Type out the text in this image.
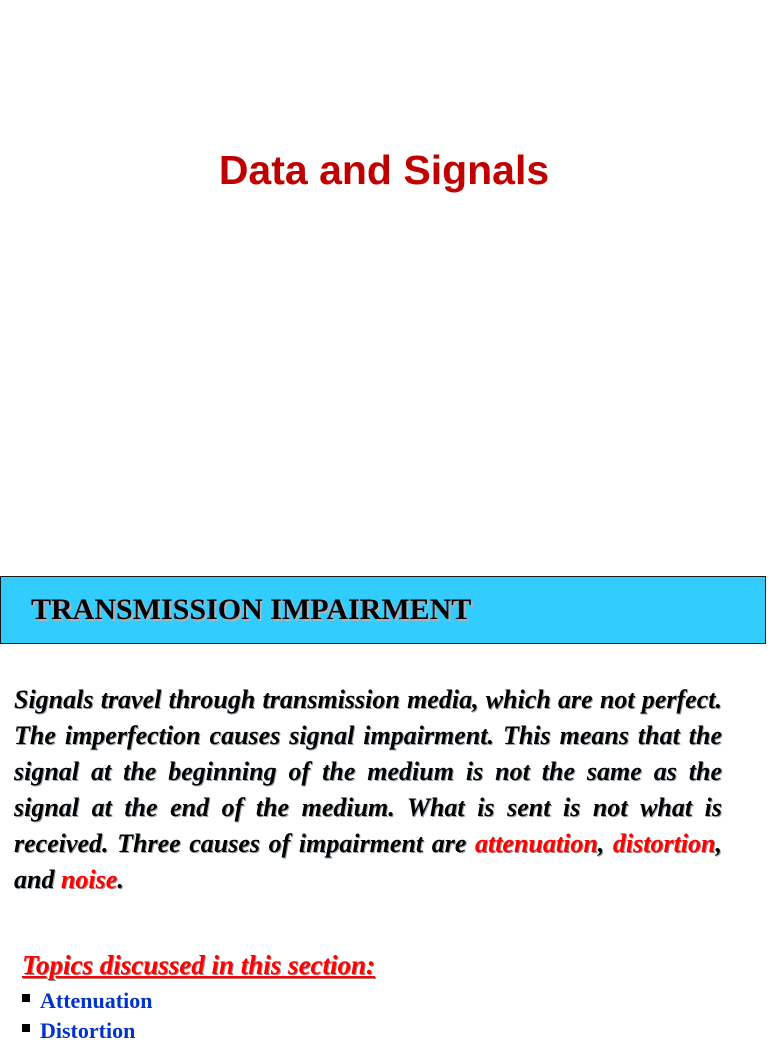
Data and Signals
TRANSMISSION IMPAIRMENT

Signals travel through transmission media, which are not perfect. The imperfection causes signal impairment. This means that the signal at the beginning of the medium is not the same as the signal at the end of the medium. What is sent is not what is received. Three causes of impairment are attenuation, distortion, and noise.

Topics discussed in this section:
Attenuation
Distortion
